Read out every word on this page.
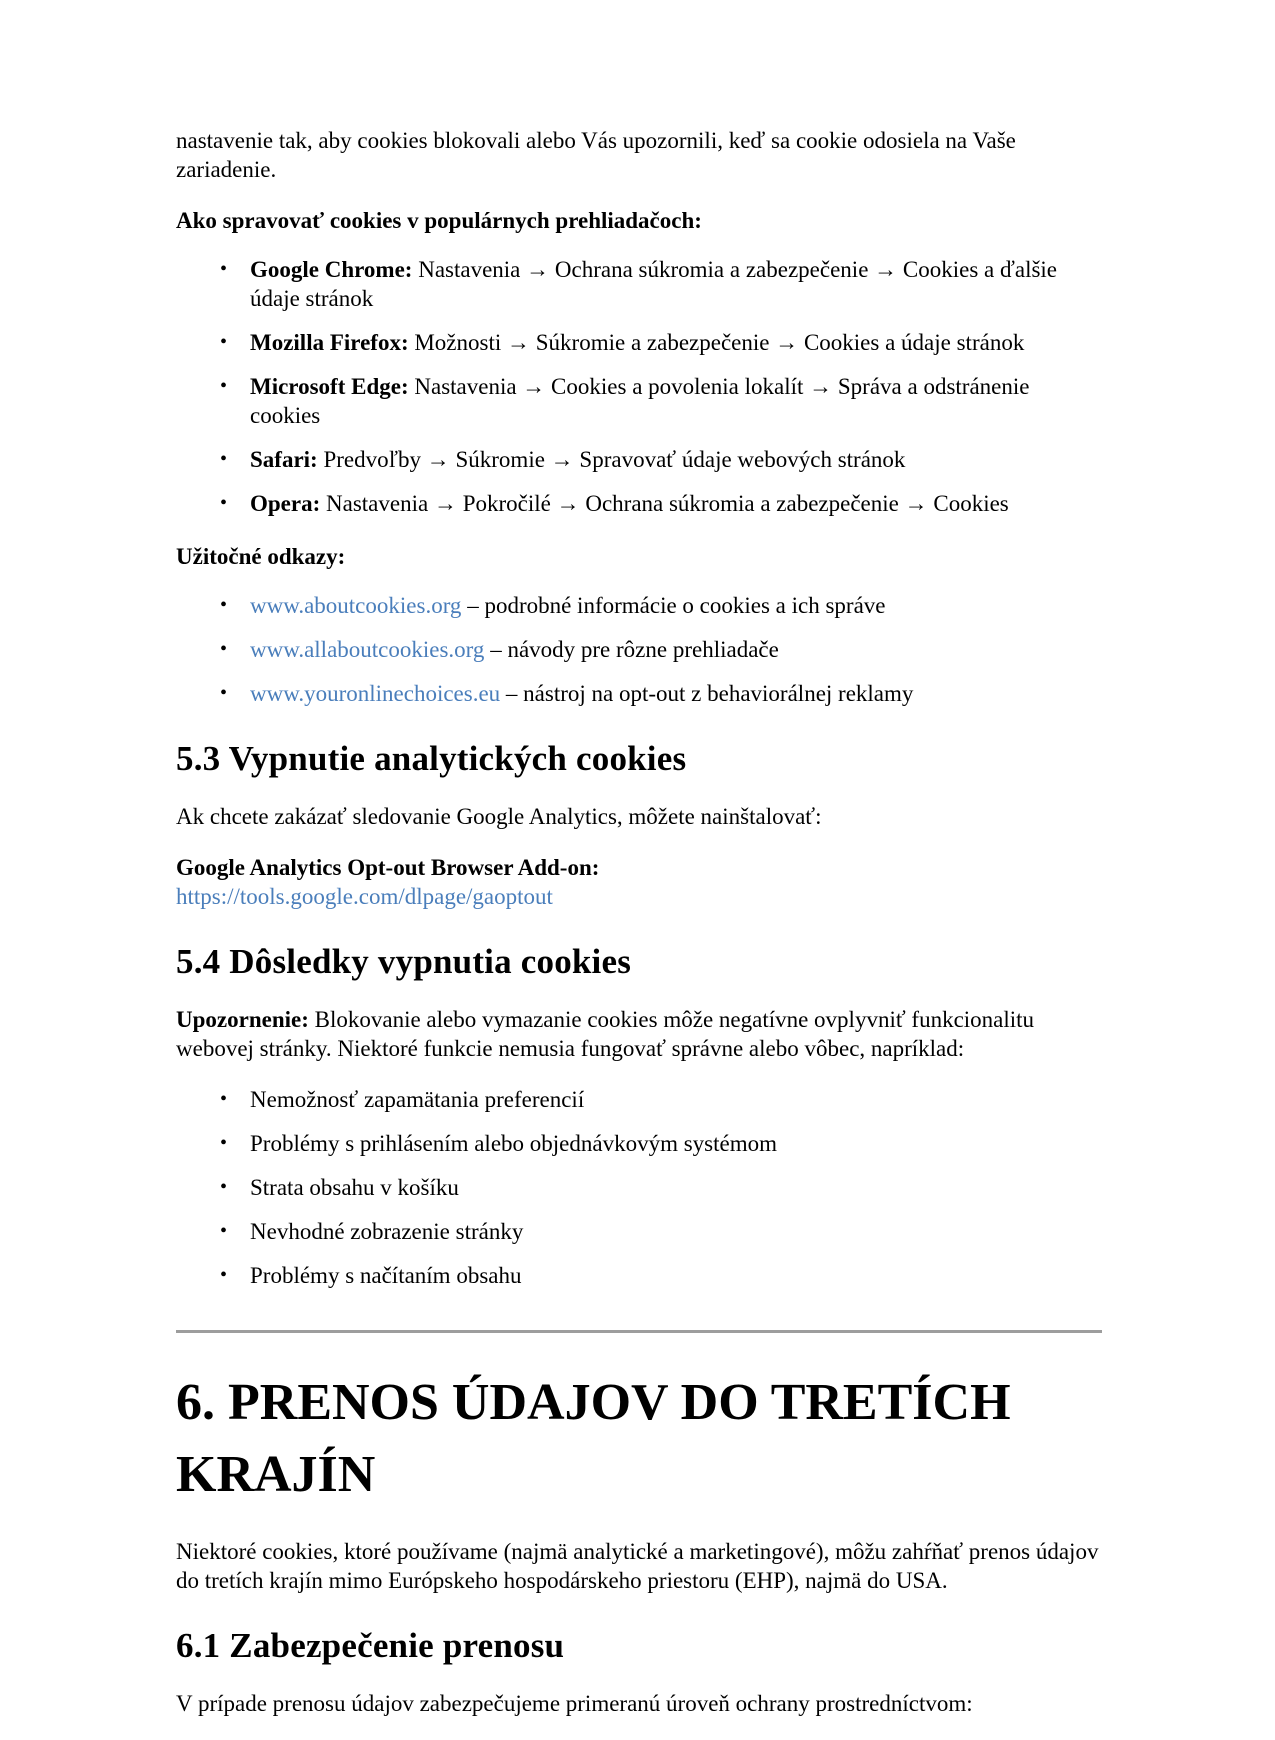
nastavenie tak, aby cookies blokovali alebo Vás upozornili, keď sa cookie odosiela na Vaše zariadenie.

Ako spravovať cookies v populárnych prehliadačoch:

• Google Chrome: Nastavenia → Ochrana súkromia a zabezpečenie → Cookies a ďalšie údaje stránok
• Mozilla Firefox: Možnosti → Súkromie a zabezpečenie → Cookies a údaje stránok
• Microsoft Edge: Nastavenia → Cookies a povolenia lokalít → Správa a odstránenie cookies
• Safari: Predvoľby → Súkromie → Spravovať údaje webových stránok
• Opera: Nastavenia → Pokročilé → Ochrana súkromia a zabezpečenie → Cookies

Užitočné odkazy:

• www.aboutcookies.org – podrobné informácie o cookies a ich správe
• www.allaboutcookies.org – návody pre rôzne prehliadače
• www.youronlinechoices.eu – nástroj na opt-out z behaviorálnej reklamy
5.3 Vypnutie analytických cookies

Ak chcete zakázať sledovanie Google Analytics, môžete nainštalovať:

Google Analytics Opt-out Browser Add-on:
https://tools.google.com/dlpage/gaoptout
5.4 Dôsledky vypnutia cookies

Upozornenie: Blokovanie alebo vymazanie cookies môže negatívne ovplyvniť funkcionalitu webovej stránky. Niektoré funkcie nemusia fungovať správne alebo vôbec, napríklad:

• Nemožnosť zapamätania preferencií
• Problémy s prihlásením alebo objednávkovým systémom
• Strata obsahu v košíku
• Nevhodné zobrazenie stránky
• Problémy s načítaním obsahu
6. PRENOS ÚDAJOV DO TRETÍCH KRAJÍN

Niektoré cookies, ktoré používame (najmä analytické a marketingové), môžu zahŕňať prenos údajov do tretích krajín mimo Európskeho hospodárskeho priestoru (EHP), najmä do USA.

6.1 Zabezpečenie prenosu

V prípade prenosu údajov zabezpečujeme primeranú úroveň ochrany prostredníctvom:
